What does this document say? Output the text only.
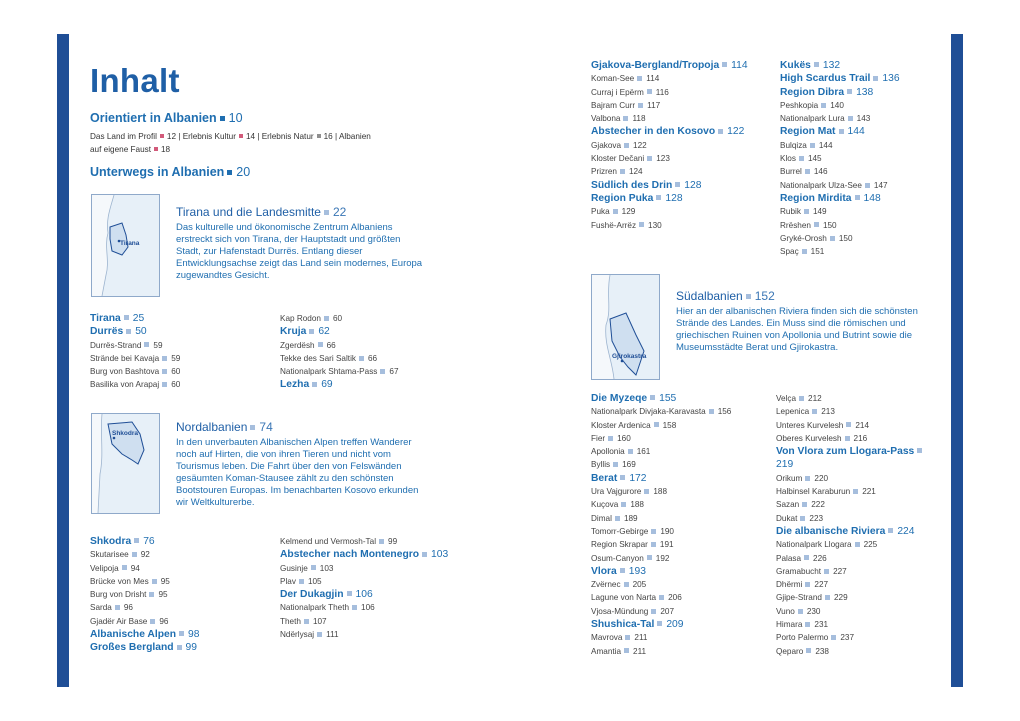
Inhalt

Orientiert in Albanien 10

Das Land im Profil 12 | Erlebnis Kultur 14 | Erlebnis Natur 16 | Albanien auf eigene Faust 18

Unterwegs in Albanien 20

Tirana

Tirana und die Landesmitte 22

Das kulturelle und ökonomische Zentrum Albaniens erstreckt sich von Tirana, der Hauptstadt und größten Stadt, zur Hafenstadt Durrës. Entlang dieser Entwicklungsachse zeigt das Land sein modernes, Europa zugewandtes Gesicht.

Tirana 25
Durrës 50
Durrës-Strand 59
Strände bei Kavaja 59
Burg von Bashtova 60
Basilika von Arapaj 60
Kap Rodon 60
Kruja 62
Zgerdësh 66
Tekke des Sari Saltik 66
Nationalpark Shtama-Pass 67
Lezha 69
Shkodra	Nordalbanien 74

In den unverbauten Albanischen Alpen treffen Wanderer noch auf Hirten, die von ihren Tieren und nicht vom Tourismus leben. Die Fahrt über den von Felswänden gesäumten Koman-Stausee zählt zu den schönsten Bootstouren Europas. Im benachbarten Kosovo erkunden wir Weltkulturerbe.

Shkodra 76
Skutarisee 92
Velipoja 94
Brücke von Mes 95
Burg von Drisht 95
Sarda 96
Gjadër Air Base 96
Albanische Alpen 98
Großes Bergland 99
Kelmend und Vermosh-Tal 99
Abstecher nach Montenegro 103
Gusinje 103
Plav 105
Der Dukagjin 106
Nationalpark Theth 106
Theth 107
Ndërlysaj 111
Gjakova-Bergland/Tropoja 114
Koman-See 114
Curraj i Epërm 116
Bajram Curr 117
Valbona 118
Abstecher in den Kosovo 122
Gjakova 122
Kloster Dečani 123
Prizren 124
Südlich des Drin 128
Region Puka 128
Puka 129
Fushë-Arrëz 130
Kukës 132
High Scardus Trail 136
Region Dibra 138
Peshkopia 140
Nationalpark Lura 143
Region Mat 144
Bulqiza 144
Klos 145
Burrel 146
Nationalpark Ulza-See 147
Region Mirdita 148
Rubik 149
Rrëshen 150
Gryké-Orosh 150
Spaç 151
Gjirokastra

Südalbanien 152

Hier an der albanischen Riviera finden sich die schönsten Strände des Landes. Ein Muss sind die römischen und griechischen Ruinen von Apollonia und Butrint sowie die Museumsstädte Berat und Gjirokastra.

Die Myzeqe 155
Nationalpark Divjaka-Karavasta 156
Kloster Ardenica 158
Fier 160
Apollonia 161
Byllis 169
Berat 172
Ura Vajgurore 188
Kuçova 188
Dimal 189
Tomorr-Gebirge 190
Region Skrapar 191
Osum-Canyon 192
Vlora 193
Zvërnec 205
Lagune von Narta 206
Vjosa-Mündung 207
Shushica-Tal 209
Mavrova 211
Amantia 211
Velça 212
Lepenica 213
Unteres Kurvelesh 214
Oberes Kurvelesh 216
Von Vlora zum Llogara-Pass219
Orikum 220
Halbinsel Karaburun 221
Sazan 222
Dukat 223
Die albanische Riviera 224
Nationalpark Llogara 225
Palasa 226
Gramabucht 227
Dhërmi 227
Gjipe-Strand 229
Vuno 230
Himara 231
Porto Palermo 237
Qeparo 238
